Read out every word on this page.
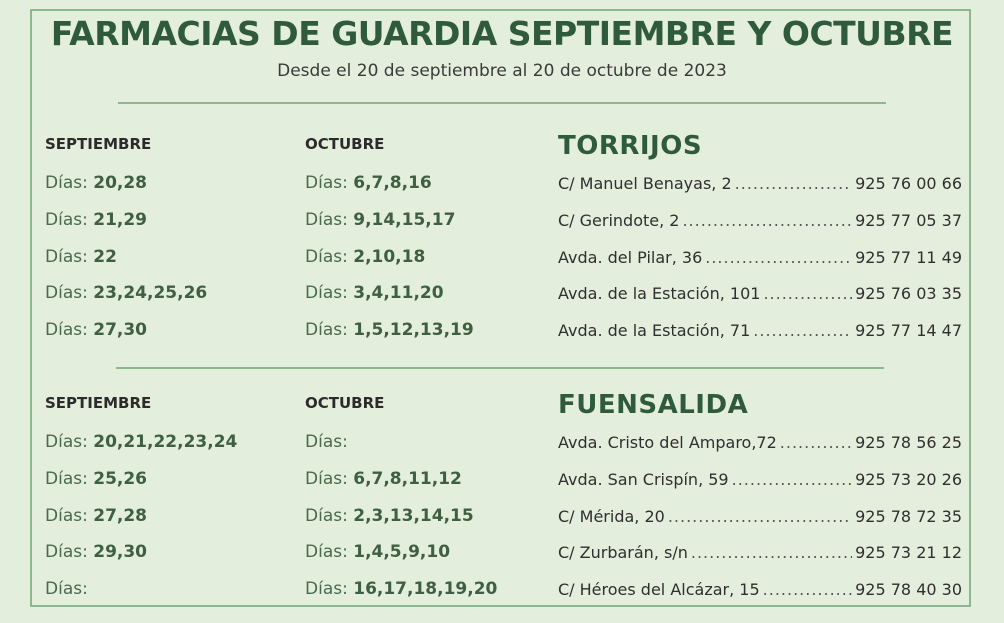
FARMACIAS DE GUARDIA SEPTIEMBRE Y OCTUBRE
Desde el 20 de septiembre al 20 de octubre de 2023
SEPTIEMBRE	OCTUBRE	TORRIJOS
Días: 20,28	Días: 6,7,8,16	C/ Manuel Benayas, 2 .....	925 76 00 66
Días: 21,29	Días: 9,14,15,17	C/ Gerindote, 2 .....	925 77 05 37
Días: 22	Días: 2,10,18	Avda. del Pilar, 36 .....	925 77 11 49
Días: 23,24,25,26	Días: 3,4,11,20	Avda. de la Estación, 101 .....	925 76 03 35
Días: 27,30	Días: 1,5,12,13,19	Avda. de la Estación, 71 .....	925 77 14 47
SEPTIEMBRE	OCTUBRE	FUENSALIDA
Días: 20,21,22,23,24	Días:	Avda. Cristo del Amparo,72 .....	925 78 56 25
Días: 25,26	Días: 6,7,8,11,12	Avda. San Crispín, 59 .....	925 73 20 26
Días: 27,28	Días: 2,3,13,14,15	C/ Mérida, 20 .....	925 78 72 35
Días: 29,30	Días: 1,4,5,9,10	C/ Zurbarán, s/n .....	925 73 21 12
Días:	Días: 16,17,18,19,20	C/ Héroes del Alcázar, 15 .....	925 78 40 30
